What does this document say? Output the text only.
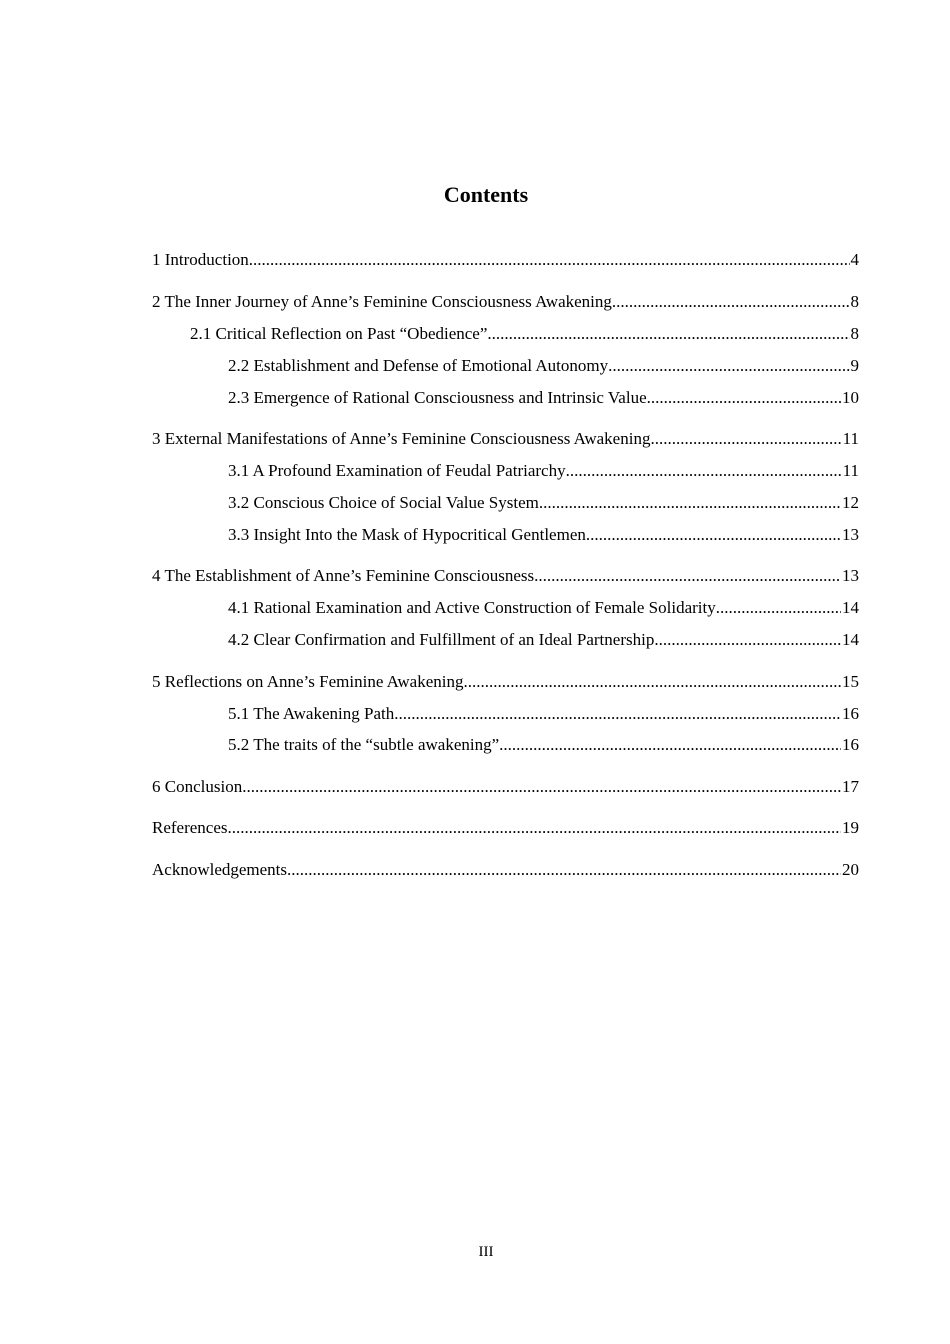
Contents
1 Introduction .....	4
2 The Inner Journey of Anne’s Feminine Consciousness Awakening .....	8
2.1 Critical Reflection on Past “Obedience” .....	8
2.2 Establishment and Defense of Emotional Autonomy .....	9
2.3 Emergence of Rational Consciousness and Intrinsic Value .....	10
3 External Manifestations of Anne’s Feminine Consciousness Awakening .....	11
3.1 A Profound Examination of Feudal Patriarchy .....	11
3.2 Conscious Choice of Social Value System .....	12
3.3 Insight Into the Mask of Hypocritical Gentlemen .....	13
4 The Establishment of Anne’s Feminine Consciousness .....	13
4.1 Rational Examination and Active Construction of Female Solidarity .....	14
4.2 Clear Confirmation and Fulfillment of an Ideal Partnership .....	14
5 Reflections on Anne’s Feminine Awakening .....	15
5.1 The Awakening Path .....	16
5.2 The traits of the “subtle awakening” .....	16
6 Conclusion .....	17
References .....	19
Acknowledgements .....	20
III
